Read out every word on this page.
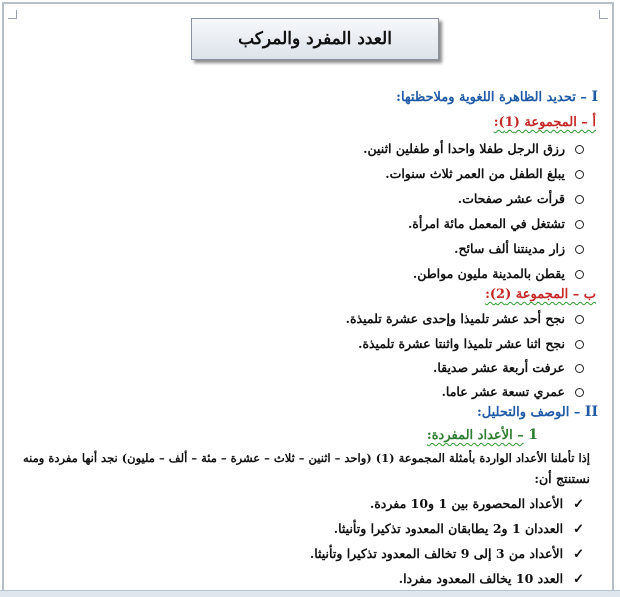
العدد المفرد والمركب
I – تحديد الظاهرة اللغوية وملاحظتها:
أ – المجموعة (1):
رزق الرجل طفلا واحدا أو طفلين اثنين.
يبلغ الطفل من العمر ثلاث سنوات.
قرأت عشر صفحات.
تشتغل في المعمل مائة امرأة.
زار مدينتنا ألف سائح.
يقطن بالمدينة مليون مواطن.
ب – المجموعة (2):
نجح أحد عشر تلميذا وإحدى عشرة تلميذة.
نجح اثنا عشر تلميذا واثنتا عشرة تلميذة.
عرفت أربعة عشر صديقا.
عمري تسعة عشر عاما.
II – الوصف والتحليل:
1 – الأعداد المفردة:
إذا تأملنا الأعداد الواردة بأمثلة المجموعة (1) (واحد – اثنين – ثلاث – عشرة – مئة – ألف – مليون) نجد أنها مفردة ومنه
نستنتج أن:
✓الأعداد المحصورة بين 1 و10 مفردة.
✓العددان 1 و2 يطابقان المعدود تذكيرا وتأنيثا.
✓الأعداد من 3 إلى 9 تخالف المعدود تذكيرا وتأنيثا.
✓العدد 10 يخالف المعدود مفردا.
